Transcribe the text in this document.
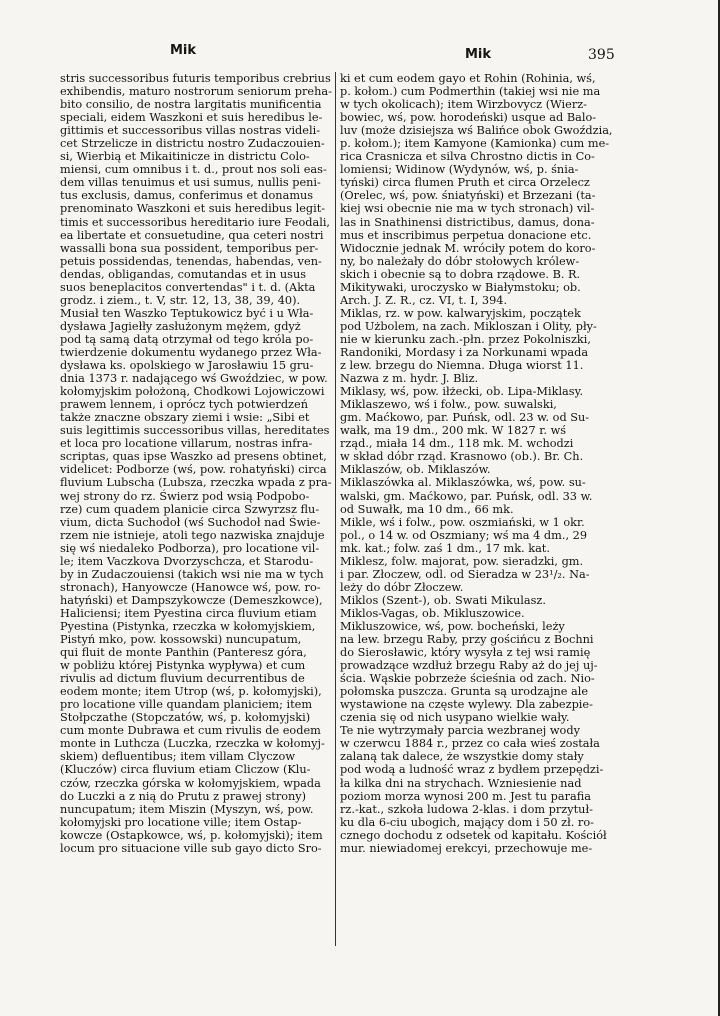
Mik	Mik	395
stris successoribus futuris temporibus crebrius
exhibendis, maturo nostrorum seniorum preha-
bito consilio, de nostra largitatis munificentia
speciali, eidem Waszkoni et suis heredibus le-
gittimis et successoribus villas nostras videli-
cet Strzelicze in districtu nostro Zudaczouien-
si, Wierbią et Mikaitinicze in districtu Colo-
miensi, cum omnibus i t. d., prout nos soli eas-
dem villas tenuimus et usi sumus, nullis peni-
tus exclusis, damus, conferimus et donamus
prenominato Waszkoni et suis heredibus legit-
timis et successoribus hereditario iure Feodali,
ea libertate et consuetudine, qua ceteri nostri
wassalli bona sua possident, temporibus per-
petuis possidendas, tenendas, habendas, ven-
dendas, obligandas, comutandas et in usus
suos beneplacitos convertendas" i t. d. (Akta
grodz. i ziem., t. V, str. 12, 13, 38, 39, 40).
Musiał ten Waszko Teptukowicz być i u Wła-
dysława Jagiełły zasłużonym mężem, gdyż
pod tą samą datą otrzymał od tego króla po-
twierdzenie dokumentu wydanego przez Wła-
dysława ks. opolskiego w Jarosławiu 15 gru-
dnia 1373 r. nadającego wś Gwoździec, w pow.
kołomyjskim położoną, Chodkowi Lojowiczowi
prawem lennem, i oprócz tych potwierdzeń
także znaczne obszary ziemi i wsie: „Sibi et
suis legittimis successoribus villas, hereditates
et loca pro locatione villarum, nostras infra-
scriptas, quas ipse Waszko ad presens obtinet,
videlicet: Podborze (wś, pow. rohatyński) circa
fluvium Lubscha (Lubsza, rzeczka wpada z pra-
wej strony do rz. Świerz pod wsią Podpobo-
rze) cum quadem planicie circa Szwyrzsz flu-
vium, dicta Suchodoł (wś Suchodoł nad Świe-
rzem nie istnieje, atoli tego nazwiska znajduje
się wś niedaleko Podborza), pro locatione vil-
le; item Vaczkova Dvorzyschcza, et Starodu-
by in Zudaczouiensi (takich wsi nie ma w tych
stronach), Hanyowcze (Hanowce wś, pow. ro-
hatyński) et Dampszykowcze (Demeszkowce),
Haliciensi; item Pyestina circa fluvium etiam
Pyestina (Pistynka, rzeczka w kołomyjskiem,
Pistyń mko, pow. kossowski) nuncupatum,
qui fluit de monte Panthin (Panteresz góra,
w pobliżu której Pistynka wypływa) et cum
rivulis ad dictum fluvium decurrentibus de
eodem monte; item Utrop (wś, p. kołomyjski),
pro locatione ville quandam planiciem; item
Stołpczathe (Stopczatów, wś, p. kołomyjski)
cum monte Dubrawa et cum rivulis de eodem
monte in Luthcza (Luczka, rzeczka w kołomyj-
skiem) defluentibus; item villam Clyczow
(Kluczów) circa fluvium etiam Cliczow (Klu-
czów, rzeczka górska w kołomyjskiem, wpada
do Luczki a z nią do Prutu z prawej strony)
nuncupatum; item Miszin (Myszyn, wś, pow.
kołomyjski pro locatione ville; item Ostap-
kowcze (Ostapkowce, wś, p. kołomyjski); item
locum pro situacione ville sub gayo dicto Sro-
ki et cum eodem gayo et Rohin (Rohinia, wś,
p. kołom.) cum Podmerthin (takiej wsi nie ma
w tych okolicach); item Wirzbovycz (Wierz-
bowiec, wś, pow. horodeński) usque ad Balo-
luv (może dzisiejsza wś Balińce obok Gwoździa,
p. kołom.); item Kamyone (Kamionka) cum me-
rica Crasnicza et silva Chrostno dictis in Co-
lomiensi; Widinow (Wydynów, wś, p. śnia-
tyński) circa flumen Pruth et circa Orzelecz
(Orelec, wś, pow. śniatyński) et Brzezani (ta-
kiej wsi obecnie nie ma w tych stronach) vil-
las in Snathinensi districtibus, damus, dona-
mus et inscribimus perpetua donacione etc.
Widocznie jednak M. wróciły potem do koro-
ny, bo należały do dóbr stołowych królew-
skich i obecnie są to dobra rządowe. B. R.
Mikitywaki, uroczysko w Białymstoku; ob.
Arch. J. Z. R., cz. VI, t. I, 394.
Miklas, rz. w pow. kalwaryjskim, początek
pod Użbolem, na zach. Mikloszan i Olity, pły-
nie w kierunku zach.-płn. przez Pokolniszki,
Randoniki, Mordasy i za Norkunami wpada
z lew. brzegu do Niemna. Długa wiorst 11.
Nazwa z m. hydr. J. Bliz.
Miklasy, wś, pow. iłżecki, ob. Lipa-Miklasy.
Miklaszewo, wś i folw., pow. suwalski,
gm. Maćkowo, par. Puńsk, odl. 23 w. od Su-
wałk, ma 19 dm., 200 mk. W 1827 r. wś
rząd., miała 14 dm., 118 mk. M. wchodzi
w skład dóbr rząd. Krasnowo (ob.). Br. Ch.
Miklaszów, ob. Miklaszów.
Miklaszówka al. Miklaszówka, wś, pow. su-
walski, gm. Maćkowo, par. Puńsk, odl. 33 w.
od Suwałk, ma 10 dm., 66 mk.
Mikle, wś i folw., pow. oszmiański, w 1 okr.
pol., o 14 w. od Oszmiany; wś ma 4 dm., 29
mk. kat.; folw. zaś 1 dm., 17 mk. kat.
Miklesz, folw. majorat, pow. sieradzki, gm.
i par. Złoczew, odl. od Sieradza w 23¹/₂. Na-
leży do dóbr Złoczew.
Miklos (Szent-), ob. Swati Mikulasz.
Miklos-Vagas, ob. Mikluszowice.
Mikluszowice, wś, pow. bocheński, leży
na lew. brzegu Raby, przy gościńcu z Bochni
do Sierosławic, który wysyła z tej wsi ramię
prowadzące wzdłuż brzegu Raby aż do jej uj-
ścia. Wąskie pobrzeże ścieśnia od zach. Nio-
połomska puszcza. Grunta są urodzajne ale
wystawione na częste wylewy. Dla zabezpie-
czenia się od nich usypano wielkie wały.
Te nie wytrzymały parcia wezbranej wody
w czerwcu 1884 r., przez co cała wieś została
zalaną tak dalece, że wszystkie domy stały
pod wodą a ludność wraz z bydłem przepędzi-
ła kilka dni na strychach. Wzniesienie nad
poziom morza wynosi 200 m. Jest tu parafia
rz.-kat., szkoła ludowa 2-klas. i dom przytuł-
ku dla 6-ciu ubogich, mający dom i 50 zł. ro-
cznego dochodu z odsetek od kapitału. Kościół
mur. niewiadomej erekcyi, przechowuje me-
